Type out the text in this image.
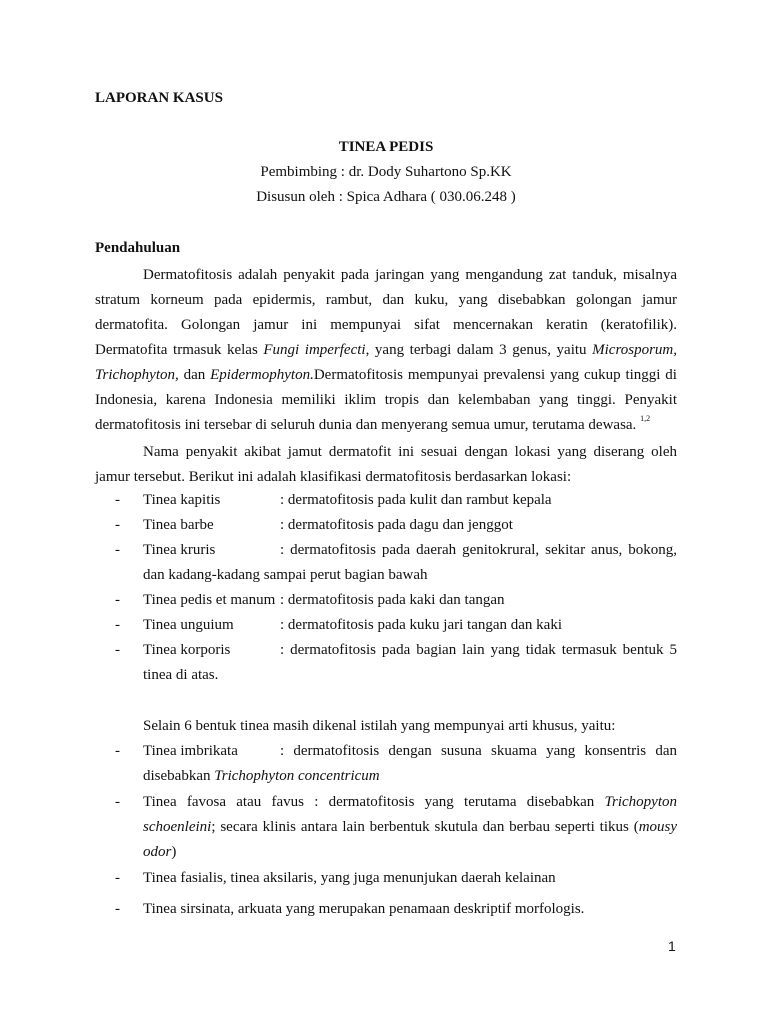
LAPORAN KASUS
TINEA PEDIS
Pembimbing : dr. Dody Suhartono Sp.KK
Disusun oleh : Spica Adhara ( 030.06.248 )
Pendahuluan
Dermatofitosis adalah penyakit pada jaringan yang mengandung zat tanduk, misalnya stratum korneum pada epidermis, rambut, dan kuku, yang disebabkan golongan jamur dermatofita. Golongan jamur ini mempunyai sifat mencernakan keratin (keratofilik). Dermatofita trmasuk kelas Fungi imperfecti, yang terbagi dalam 3 genus, yaitu Microsporum, Trichophyton, dan Epidermophyton.Dermatofitosis mempunyai prevalensi yang cukup tinggi di Indonesia, karena Indonesia memiliki iklim tropis dan kelembaban yang tinggi. Penyakit dermatofitosis ini tersebar di seluruh dunia dan menyerang semua umur, terutama dewasa. $^{1,2}$
Nama penyakit akibat jamut dermatofit ini sesuai dengan lokasi yang diserang oleh jamur tersebut. Berikut ini adalah klasifikasi dermatofitosis berdasarkan lokasi:
-	Tinea kapitis	: dermatofitosis pada kulit dan rambut kepala
-	Tinea barbe	: dermatofitosis pada dagu dan jenggot
-	Tinea kruris	: dermatofitosis pada daerah genitokrural, sekitar anus, bokong,
dan kadang-kadang sampai perut bagian bawah
-	Tinea pedis et manum : dermatofitosis pada kaki dan tangan
-	Tinea unguium	: dermatofitosis pada kuku jari tangan dan kaki
-	Tinea korporis	: dermatofitosis pada bagian lain yang tidak termasuk bentuk 5
tinea di atas.
Selain 6 bentuk tinea masih dikenal istilah yang mempunyai arti khusus, yaitu:
-	Tinea imbrikata	: dermatofitosis dengan susuna skuama yang konsentris dan
disebabkan Trichophyton concentricum
-	Tinea favosa atau favus : dermatofitosis yang terutama disebabkan Trichopyton schoenleini; secara klinis antara lain berbentuk skutula dan berbau seperti tikus (mousy odor)
-	Tinea fasialis, tinea aksilaris, yang juga menunjukan daerah kelainan
-	Tinea sirsinata, arkuata yang merupakan penamaan deskriptif morfologis.
1
